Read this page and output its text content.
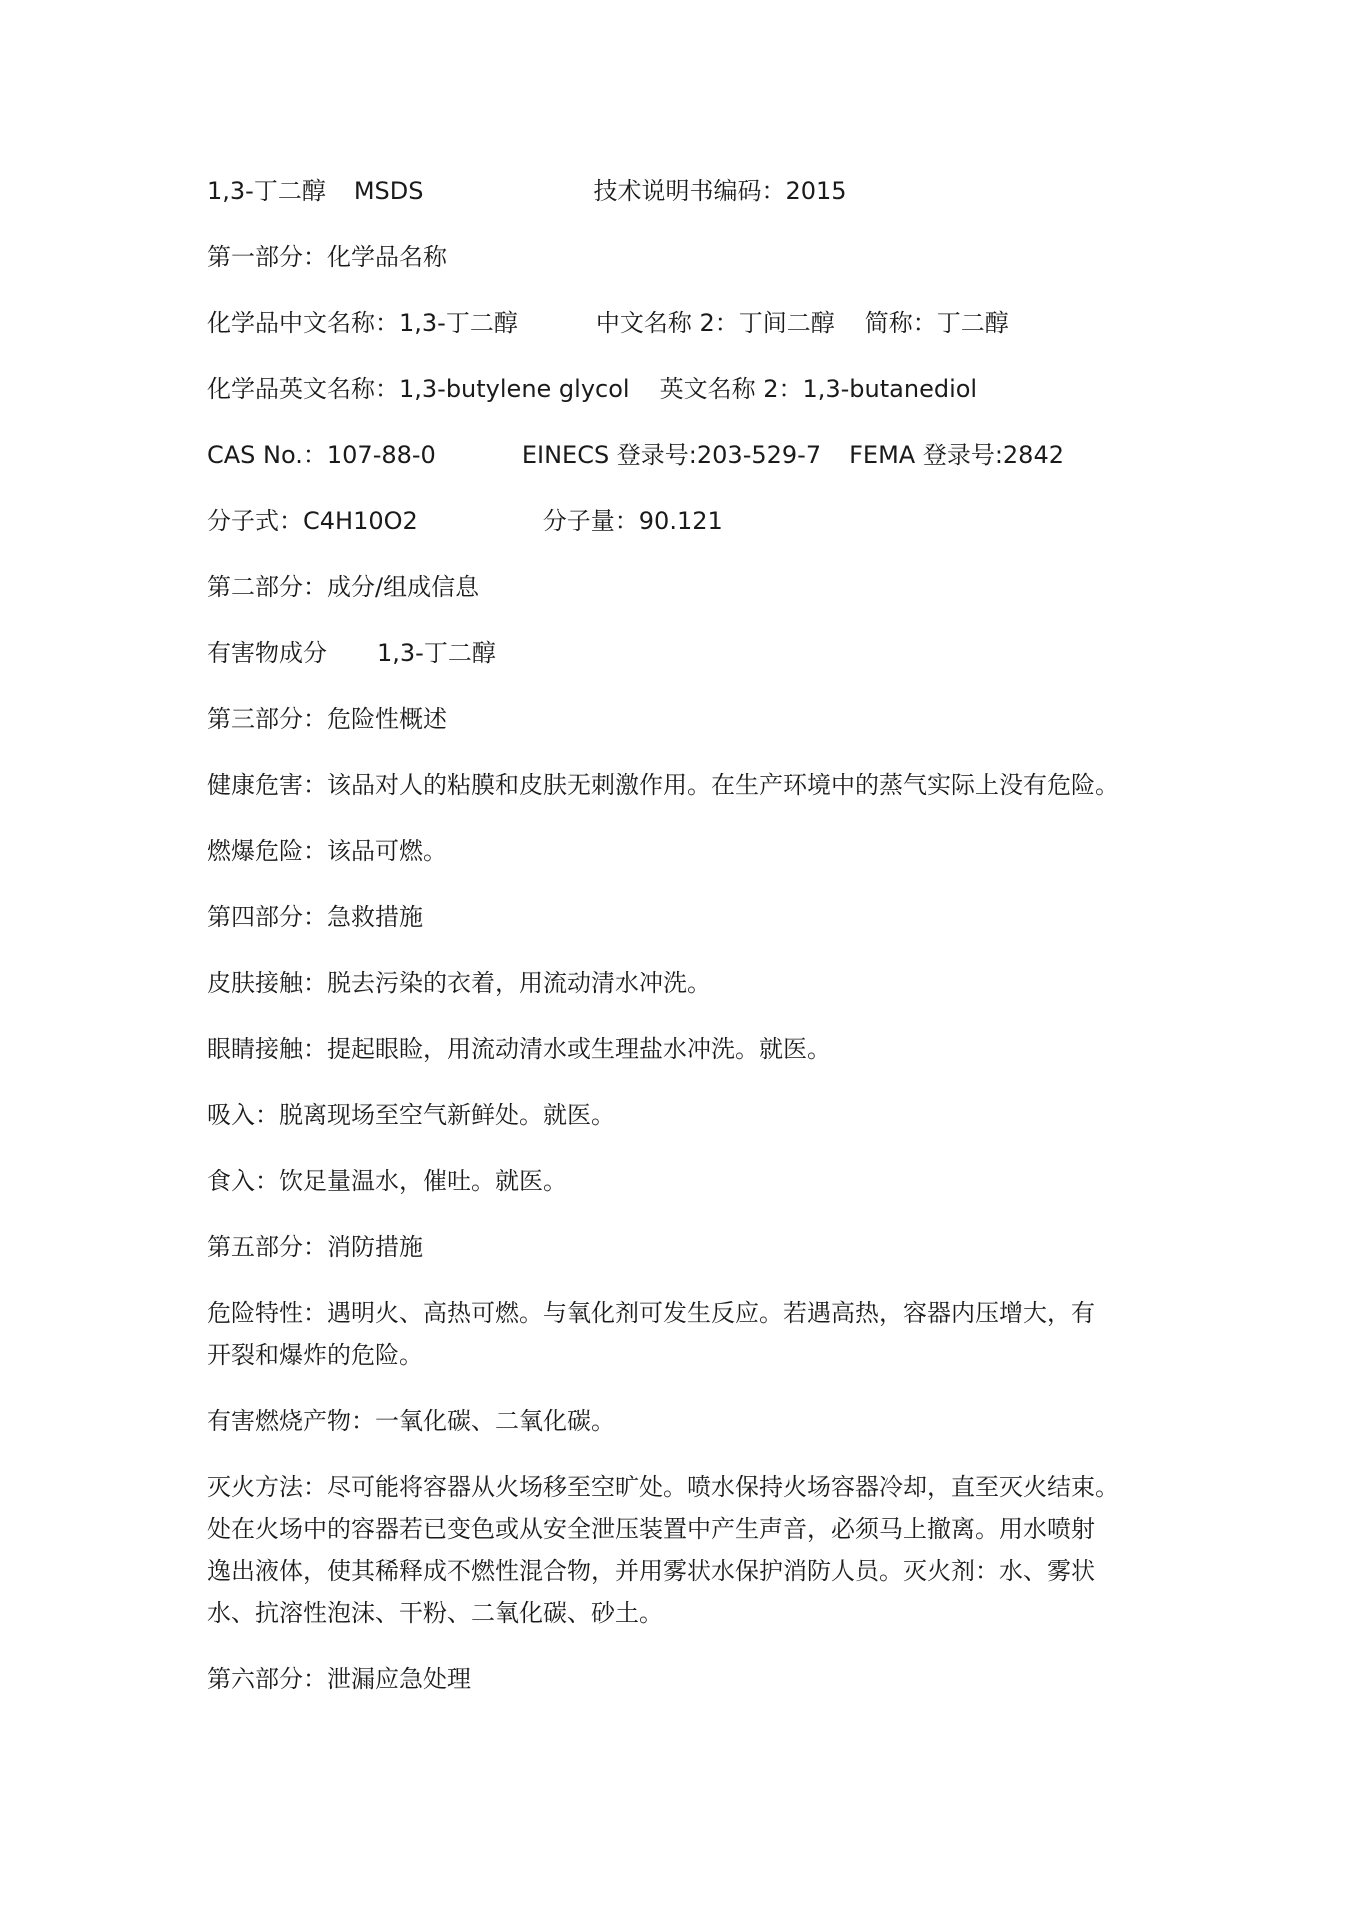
1,3-丁二醇 MSDS	技术说明书编码：2015
第一部分：化学品名称
化学品中文名称：1,3-丁二醇	中文名称 2：丁间二醇 简称：丁二醇
化学品英文名称：1,3-butylene glycol 英文名称 2：1,3-butanediol
CAS No.：107-88-0	EINECS 登录号:203-529-7 FEMA 登录号:2842
分子式：C4H10O2	分子量：90.121
第二部分：成分/组成信息
有害物成分 1,3-丁二醇
第三部分：危险性概述
健康危害：该品对人的粘膜和皮肤无刺激作用。在生产环境中的蒸气实际上没有危险。
燃爆危险：该品可燃。
第四部分：急救措施
皮肤接触：脱去污染的衣着，用流动清水冲洗。
眼睛接触：提起眼睑，用流动清水或生理盐水冲洗。就医。
吸入：脱离现场至空气新鲜处。就医。
食入：饮足量温水，催吐。就医。
第五部分：消防措施
危险特性：遇明火、高热可燃。与氧化剂可发生反应。若遇高热，容器内压增大，有
开裂和爆炸的危险。
有害燃烧产物：一氧化碳、二氧化碳。
灭火方法：尽可能将容器从火场移至空旷处。喷水保持火场容器冷却，直至灭火结束。
处在火场中的容器若已变色或从安全泄压装置中产生声音，必须马上撤离。用水喷射
逸出液体，使其稀释成不燃性混合物，并用雾状水保护消防人员。灭火剂：水、雾状
水、抗溶性泡沫、干粉、二氧化碳、砂土。
第六部分：泄漏应急处理
